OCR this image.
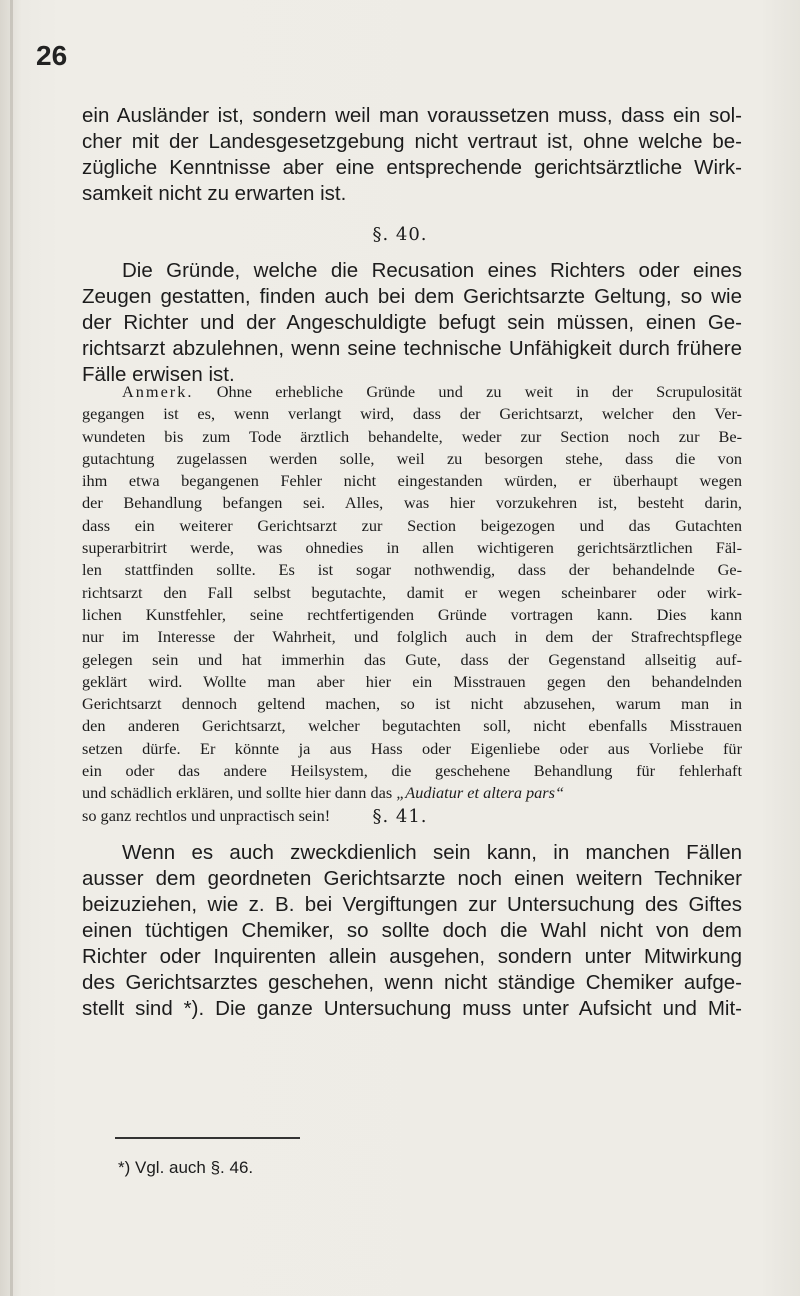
26
ein Ausländer ist, sondern weil man voraussetzen muss, dass ein sol-
cher mit der Landesgesetzgebung nicht vertraut ist, ohne welche be-
zügliche Kenntnisse aber eine entsprechende gerichtsärztliche Wirk-
samkeit nicht zu erwarten ist.
§. 40.
Die Gründe, welche die Recusation eines Richters oder eines
Zeugen gestatten, finden auch bei dem Gerichtsarzte Geltung, so wie
der Richter und der Angeschuldigte befugt sein müssen, einen Ge-
richtsarzt abzulehnen, wenn seine technische Unfähigkeit durch frühere
Fälle erwisen ist.
Anmerk. Ohne erhebliche Gründe und zu weit in der Scrupulosität
gegangen ist es, wenn verlangt wird, dass der Gerichtsarzt, welcher den Ver-
wundeten bis zum Tode ärztlich behandelte, weder zur Section noch zur Be-
gutachtung zugelassen werden solle, weil zu besorgen stehe, dass die von
ihm etwa begangenen Fehler nicht eingestanden würden, er überhaupt wegen
der Behandlung befangen sei. Alles, was hier vorzukehren ist, besteht darin,
dass ein weiterer Gerichtsarzt zur Section beigezogen und das Gutachten
superarbitrirt werde, was ohnedies in allen wichtigeren gerichtsärztlichen Fäl-
len stattfinden sollte. Es ist sogar nothwendig, dass der behandelnde Ge-
richtsarzt den Fall selbst begutachte, damit er wegen scheinbarer oder wirk-
lichen Kunstfehler, seine rechtfertigenden Gründe vortragen kann. Dies kann
nur im Interesse der Wahrheit, und folglich auch in dem der Strafrechtspflege
gelegen sein und hat immerhin das Gute, dass der Gegenstand allseitig auf-
geklärt wird. Wollte man aber hier ein Misstrauen gegen den behandelnden
Gerichtsarzt dennoch geltend machen, so ist nicht abzusehen, warum man in
den anderen Gerichtsarzt, welcher begutachten soll, nicht ebenfalls Misstrauen
setzen dürfe. Er könnte ja aus Hass oder Eigenliebe oder aus Vorliebe für
ein oder das andere Heilsystem, die geschehene Behandlung für fehlerhaft
und schädlich erklären, und sollte hier dann das „Audiatur et altera pars“
so ganz rechtlos und unpractisch sein!	§. 41.
Wenn es auch zweckdienlich sein kann, in manchen Fällen
ausser dem geordneten Gerichtsarzte noch einen weitern Techniker
beizuziehen, wie z. B. bei Vergiftungen zur Untersuchung des Giftes
einen tüchtigen Chemiker, so sollte doch die Wahl nicht von dem
Richter oder Inquirenten allein ausgehen, sondern unter Mitwirkung
des Gerichtsarztes geschehen, wenn nicht ständige Chemiker aufge-
stellt sind *). Die ganze Untersuchung muss unter Aufsicht und Mit-
*) Vgl. auch §. 46.
